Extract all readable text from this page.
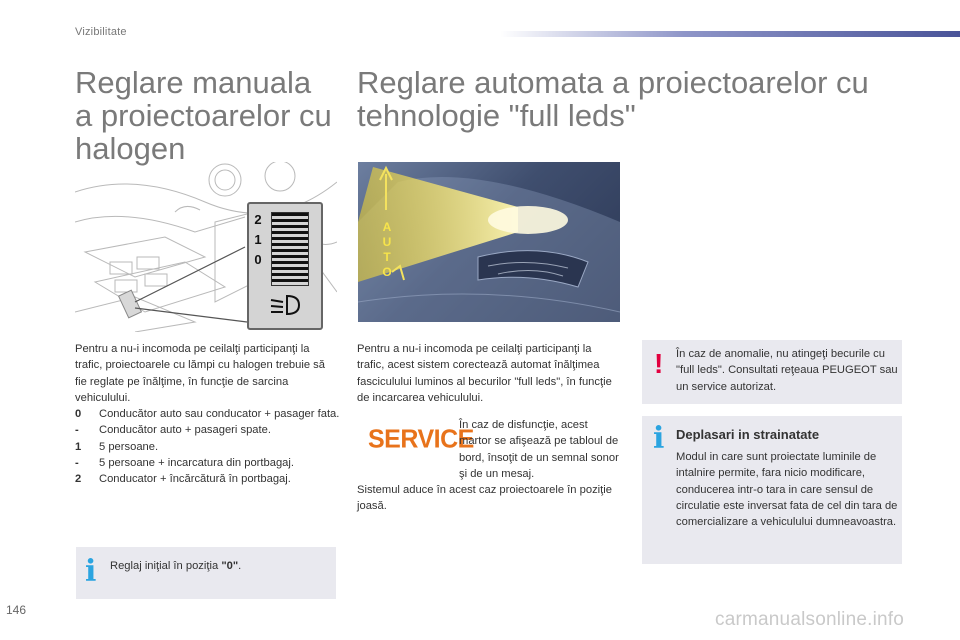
Vizibilitate
Reglare manuala
a proiectoarelor cu
halogen
2
1
0
Pentru a nu-i incomoda pe ceilalţi participanţi la trafic, proiectoarele cu lămpi cu halogen trebuie să fie reglate pe înălţime, în funcţie de sarcina vehiculului.
0	Conducător auto sau conducator + pasager fata.
-	Conducător auto + pasageri spate.
1	5 persoane.
-	5 persoane + incarcatura din portbagaj.
2	Conducator + încărcătură în portbagaj.
i Reglaj iniţial în poziţia "0".
Reglare automata a proiectoarelor cu
tehnologie "full leds"
A
U
T
O
Pentru a nu-i incomoda pe ceilalţi participanţi la trafic, acest sistem corectează automat înălţimea fasciculului luminos al becurilor "full leds", în funcţie de incarcarea vehiculului.
SERVICE
În caz de disfuncţie, acest martor se afişează pe tabloul de bord, însoţit de un semnal sonor şi de un mesaj.
Sistemul aduce în acest caz proiectoarele în poziţie joasă.
! În caz de anomalie, nu atingeţi becurile cu "full leds". Consultati reţeaua PEUGEOT sau un service autorizat.
i Deplasari in strainatate
Modul in care sunt proiectate luminile de intalnire permite, fara nicio modificare, conducerea intr-o tara in care sensul de circulatie este inversat fata de cel din tara de comercializare a vehiculului dumneavoastra.
146	carmanualsonline.info
